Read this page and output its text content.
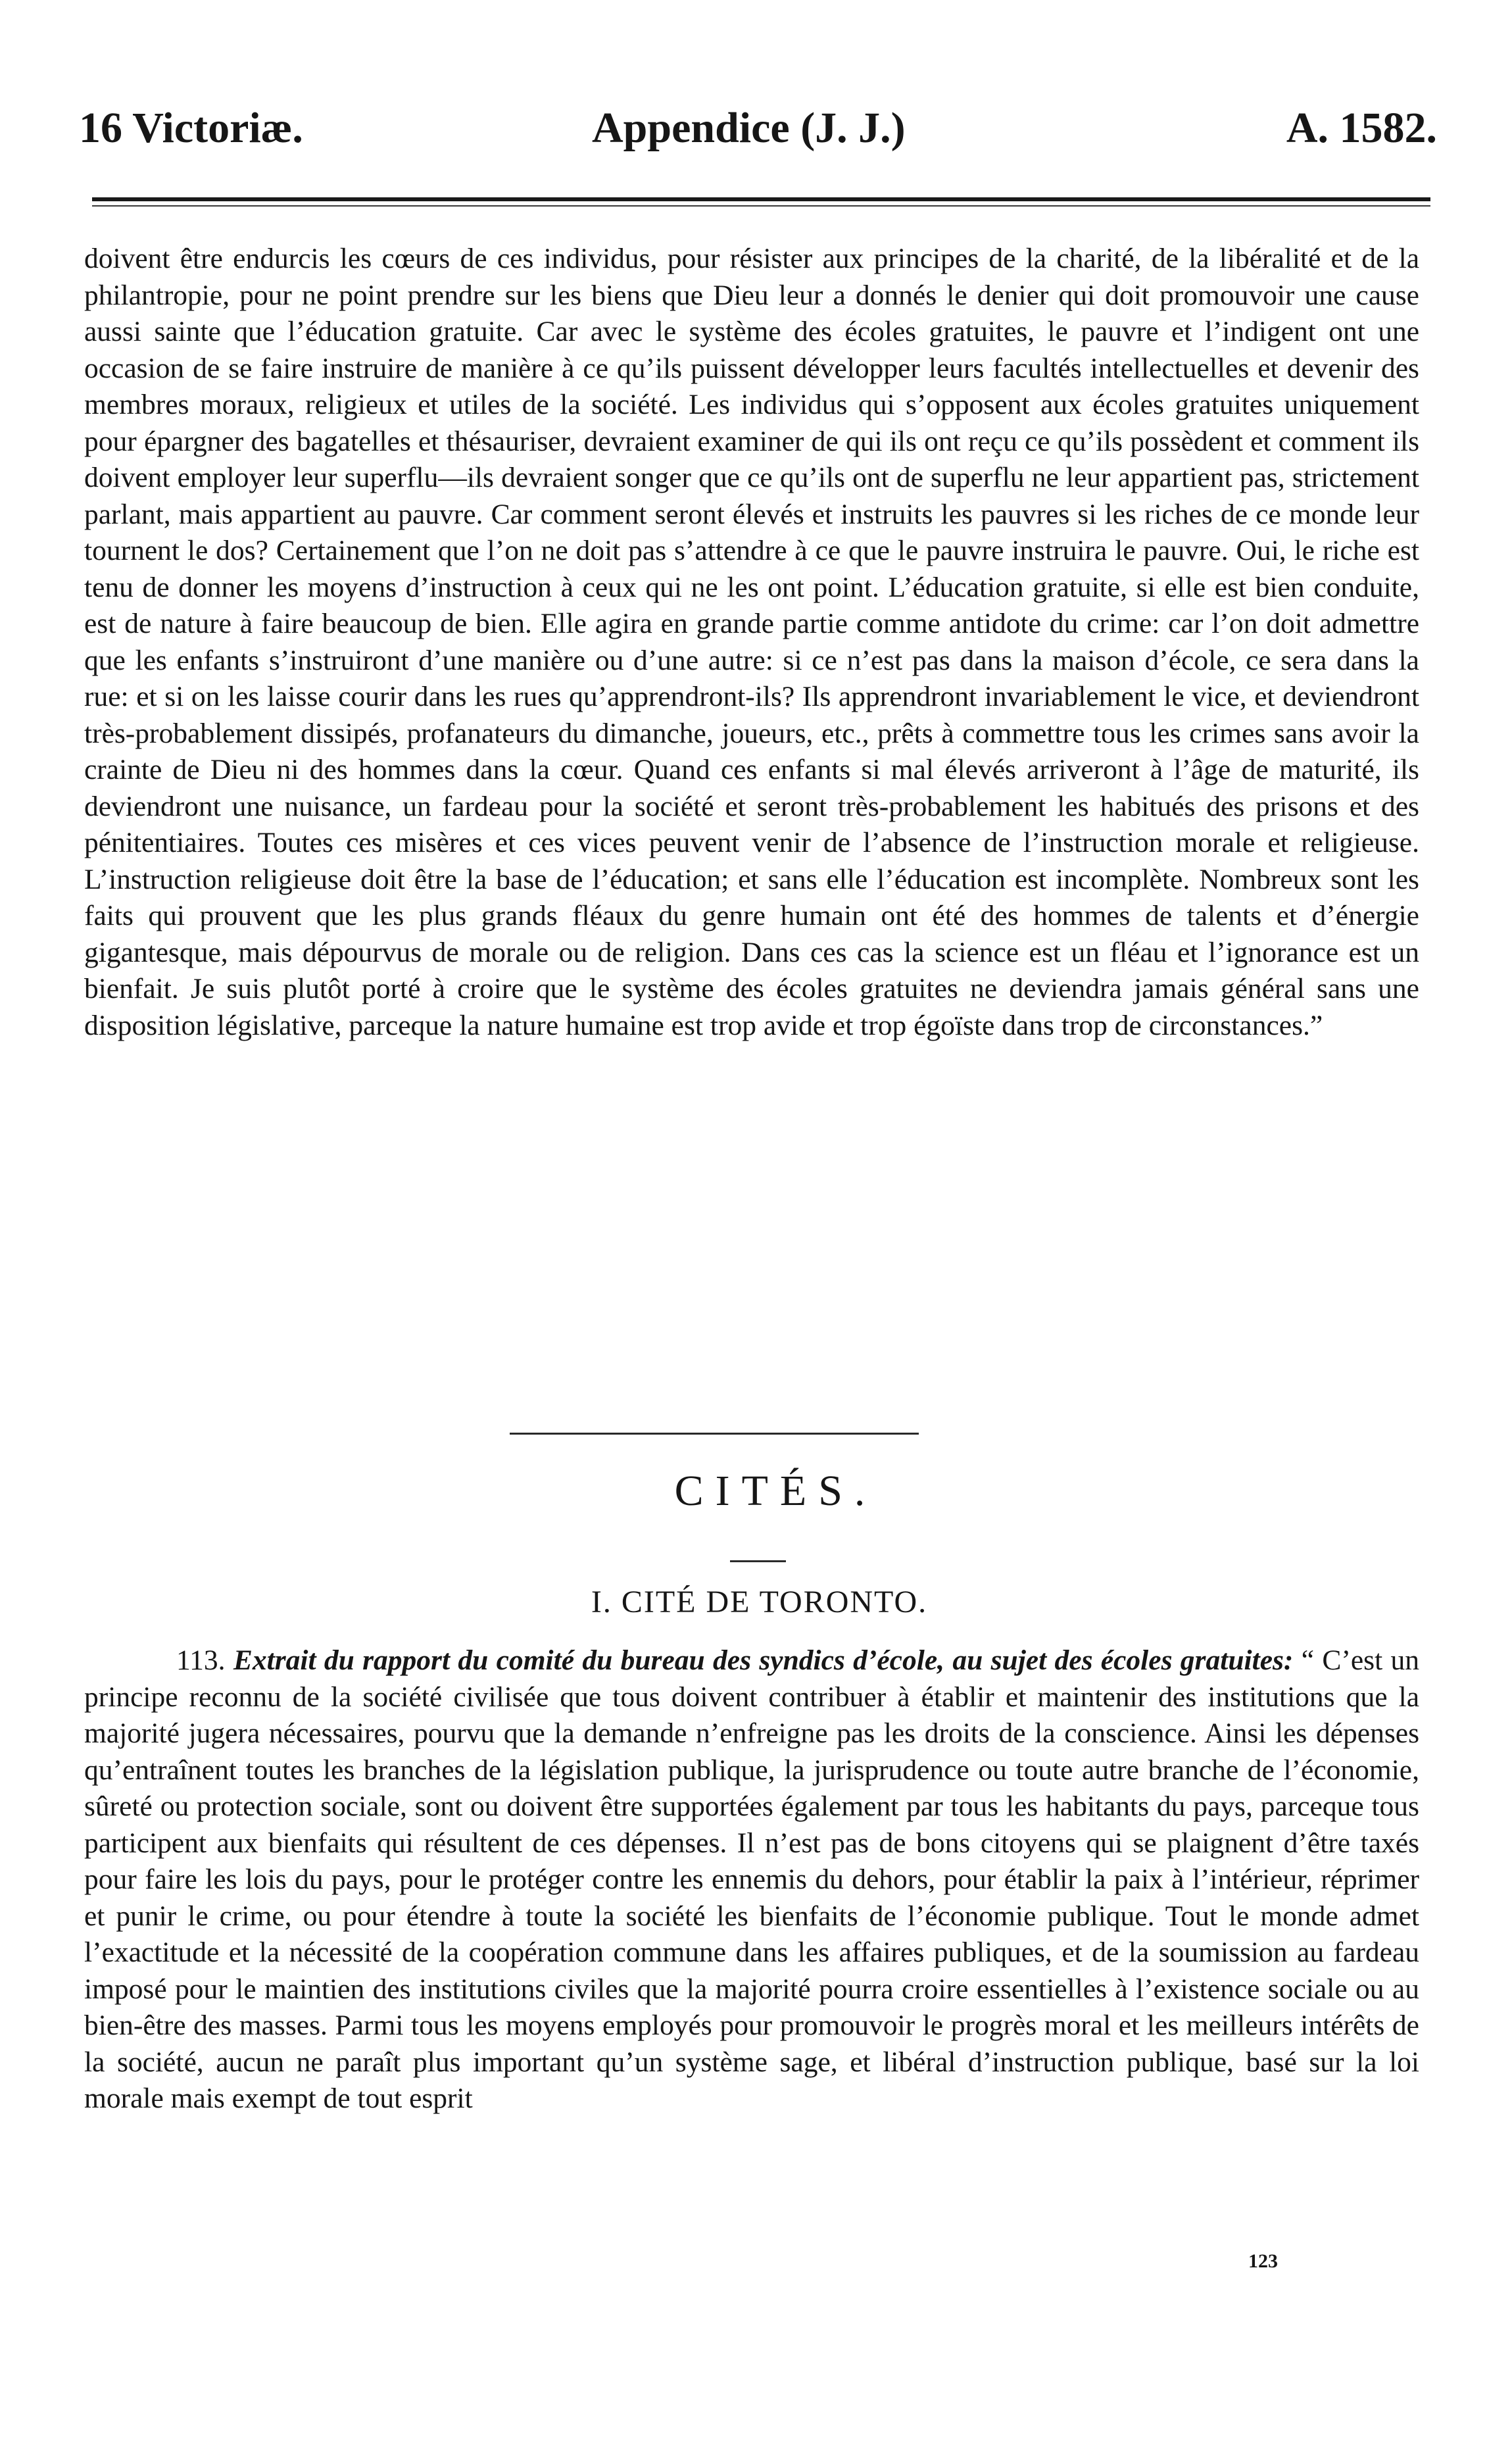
16 Victoriæ.	Appendice (J. J.)	A. 1582.

doivent être endurcis les cœurs de ces individus, pour résister aux principes de la charité, de la libéralité et de la philantropie, pour ne point prendre sur les biens que Dieu leur a donnés le denier qui doit promouvoir une cause aussi sainte que l’éducation gratuite. Car avec le système des écoles gratuites, le pauvre et l’indigent ont une occasion de se faire instruire de manière à ce qu’ils puissent développer leurs facultés intellectuelles et devenir des membres moraux, religieux et utiles de la société. Les individus qui s’opposent aux écoles gratuites uniquement pour épargner des bagatelles et thésauriser, devraient examiner de qui ils ont reçu ce qu’ils possèdent et comment ils doivent employer leur superflu—ils devraient songer que ce qu’ils ont de superflu ne leur appartient pas, strictement parlant, mais appartient au pauvre. Car comment seront élevés et instruits les pauvres si les riches de ce monde leur tournent le dos? Certainement que l’on ne doit pas s’attendre à ce que le pauvre instruira le pauvre. Oui, le riche est tenu de donner les moyens d’instruction à ceux qui ne les ont point. L’éducation gratuite, si elle est bien conduite, est de nature à faire beaucoup de bien. Elle agira en grande partie comme antidote du crime: car l’on doit admettre que les enfants s’instruiront d’une manière ou d’une autre: si ce n’est pas dans la maison d’école, ce sera dans la rue: et si on les laisse courir dans les rues qu’apprendront-ils? Ils apprendront invariablement le vice, et deviendront très-probablement dissipés, profanateurs du dimanche, joueurs, etc., prêts à commettre tous les crimes sans avoir la crainte de Dieu ni des hommes dans la cœur. Quand ces enfants si mal élevés arriveront à l’âge de maturité, ils deviendront une nuisance, un fardeau pour la société et seront très-probablement les habitués des prisons et des pénitentiaires. Toutes ces misères et ces vices peuvent venir de l’absence de l’instruction morale et religieuse. L’instruction religieuse doit être la base de l’éducation; et sans elle l’éducation est incomplète. Nombreux sont les faits qui prouvent que les plus grands fléaux du genre humain ont été des hommes de talents et d’énergie gigantesque, mais dépourvus de morale ou de religion. Dans ces cas la science est un fléau et l’ignorance est un bienfait. Je suis plutôt porté à croire que le système des écoles gratuites ne deviendra jamais général sans une disposition législative, parceque la nature humaine est trop avide et trop égoïste dans trop de circonstances.”

CITÉS.
I. CITÉ DE TORONTO.

113. Extrait du rapport du comité du bureau des syndics d’école, au sujet des écoles gratuites: “ C’est un principe reconnu de la société civilisée que tous doivent contribuer à établir et maintenir des institutions que la majorité jugera nécessaires, pourvu que la demande n’enfreigne pas les droits de la conscience. Ainsi les dépenses qu’entraînent toutes les branches de la législation publique, la jurisprudence ou toute autre branche de l’économie, sûreté ou protection sociale, sont ou doivent être supportées également par tous les habitants du pays, parceque tous participent aux bienfaits qui résultent de ces dépenses. Il n’est pas de bons citoyens qui se plaignent d’être taxés pour faire les lois du pays, pour le protéger contre les ennemis du dehors, pour établir la paix à l’intérieur, réprimer et punir le crime, ou pour étendre à toute la société les bienfaits de l’économie publique. Tout le monde admet l’exactitude et la nécessité de la coopération commune dans les affaires publiques, et de la soumission au fardeau imposé pour le maintien des institutions civiles que la majorité pourra croire essentielles à l’existence sociale ou au bien-être des masses. Parmi tous les moyens employés pour promouvoir le progrès moral et les meilleurs intérêts de la société, aucun ne paraît plus important qu’un système sage, et libéral d’instruction publique, basé sur la loi morale mais exempt de tout esprit

123
